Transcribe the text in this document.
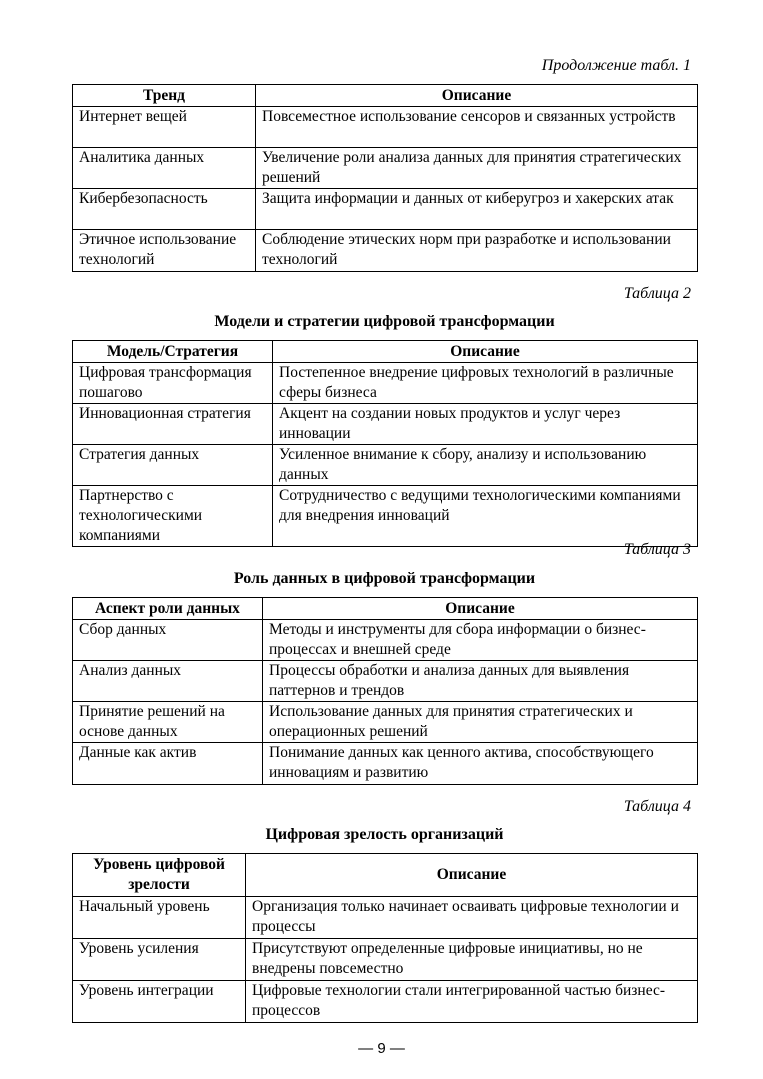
Продолжение табл. 1
Тренд	Описание
Интернет вещей	Повсеместное использование сенсоров и связанных устройств
Аналитика данных	Увеличение роли анализа данных для принятия стратегических решений
Кибербезопасность	Защита информации и данных от киберугроз и хакерских атак
Этичное использование технологий	Соблюдение этических норм при разработке и использовании технологий
Таблица 2
Модели и стратегии цифровой трансформации
Модель/Стратегия	Описание
Цифровая трансформация пошагово	Постепенное внедрение цифровых технологий в различные сферы бизнеса
Инновационная стратегия	Акцент на создании новых продуктов и услуг через инновации
Стратегия данных	Усиленное внимание к сбору, анализу и использованию данных
Партнерство с технологическими компаниями	Сотрудничество с ведущими технологическими компаниями для внедрения инноваций
Таблица 3
Роль данных в цифровой трансформации
Аспект роли данных	Описание
Сбор данных	Методы и инструменты для сбора информации о бизнес-процессах и внешней среде
Анализ данных	Процессы обработки и анализа данных для выявления паттернов и трендов
Принятие решений на основе данных	Использование данных для принятия стратегических и операционных решений
Данные как актив	Понимание данных как ценного актива, способствующего инновациям и развитию
Таблица 4
Цифровая зрелость организаций
Уровень цифровой зрелости	Описание
Начальный уровень	Организация только начинает осваивать цифровые технологии и процессы
Уровень усиления	Присутствуют определенные цифровые инициативы, но не внедрены повсеместно
Уровень интеграции	Цифровые технологии стали интегрированной частью бизнес-процессов
— 9 —
